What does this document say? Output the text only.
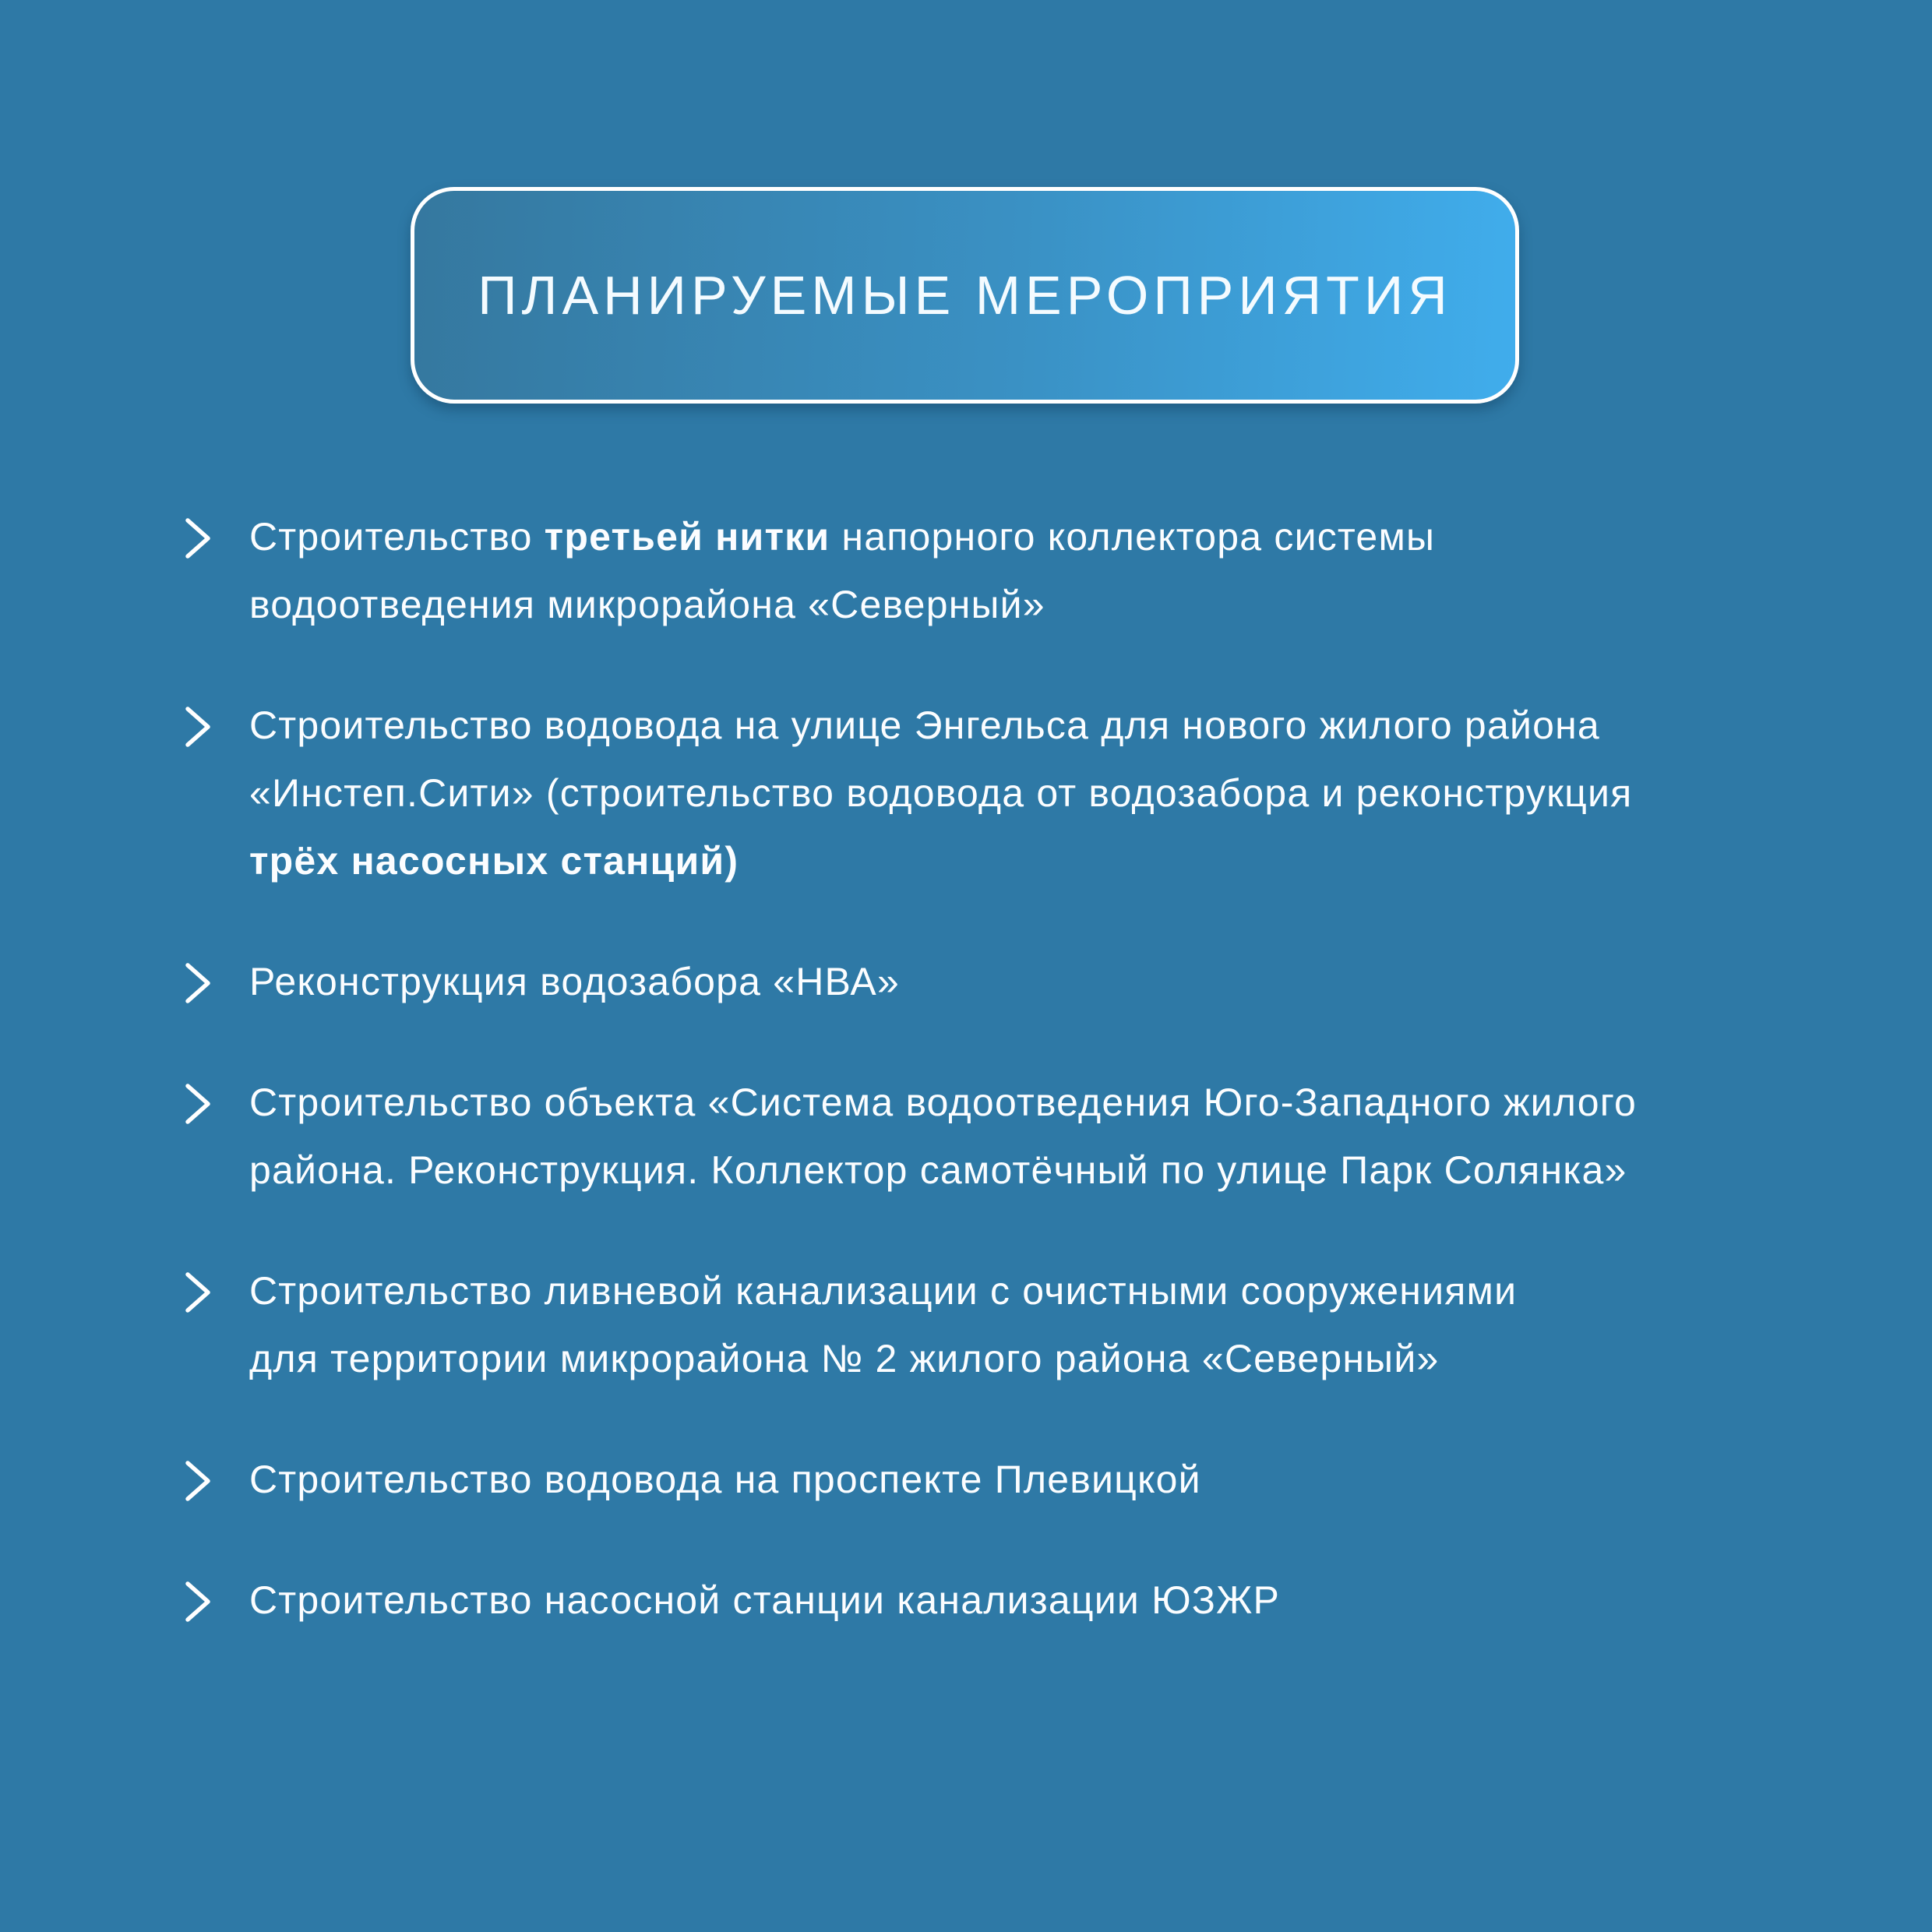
ПЛАНИРУЕМЫЕ МЕРОПРИЯТИЯ
Строительство третьей нитки напорного коллектора системы
водоотведения микрорайона «Северный»
Строительство водовода на улице Энгельса для нового жилого района
«Инстеп.Сити» (строительство водовода от водозабора и реконструкция
трёх насосных станций)
Реконструкция водозабора «НВА»
Строительство объекта «Система водоотведения Юго-Западного жилого
района. Реконструкция. Коллектор самотёчный по улице Парк Солянка»
Строительство ливневой канализации с очистными сооружениями
для территории микрорайона № 2 жилого района «Северный»
Строительство водовода на проспекте Плевицкой
Строительство насосной станции канализации ЮЗЖР
